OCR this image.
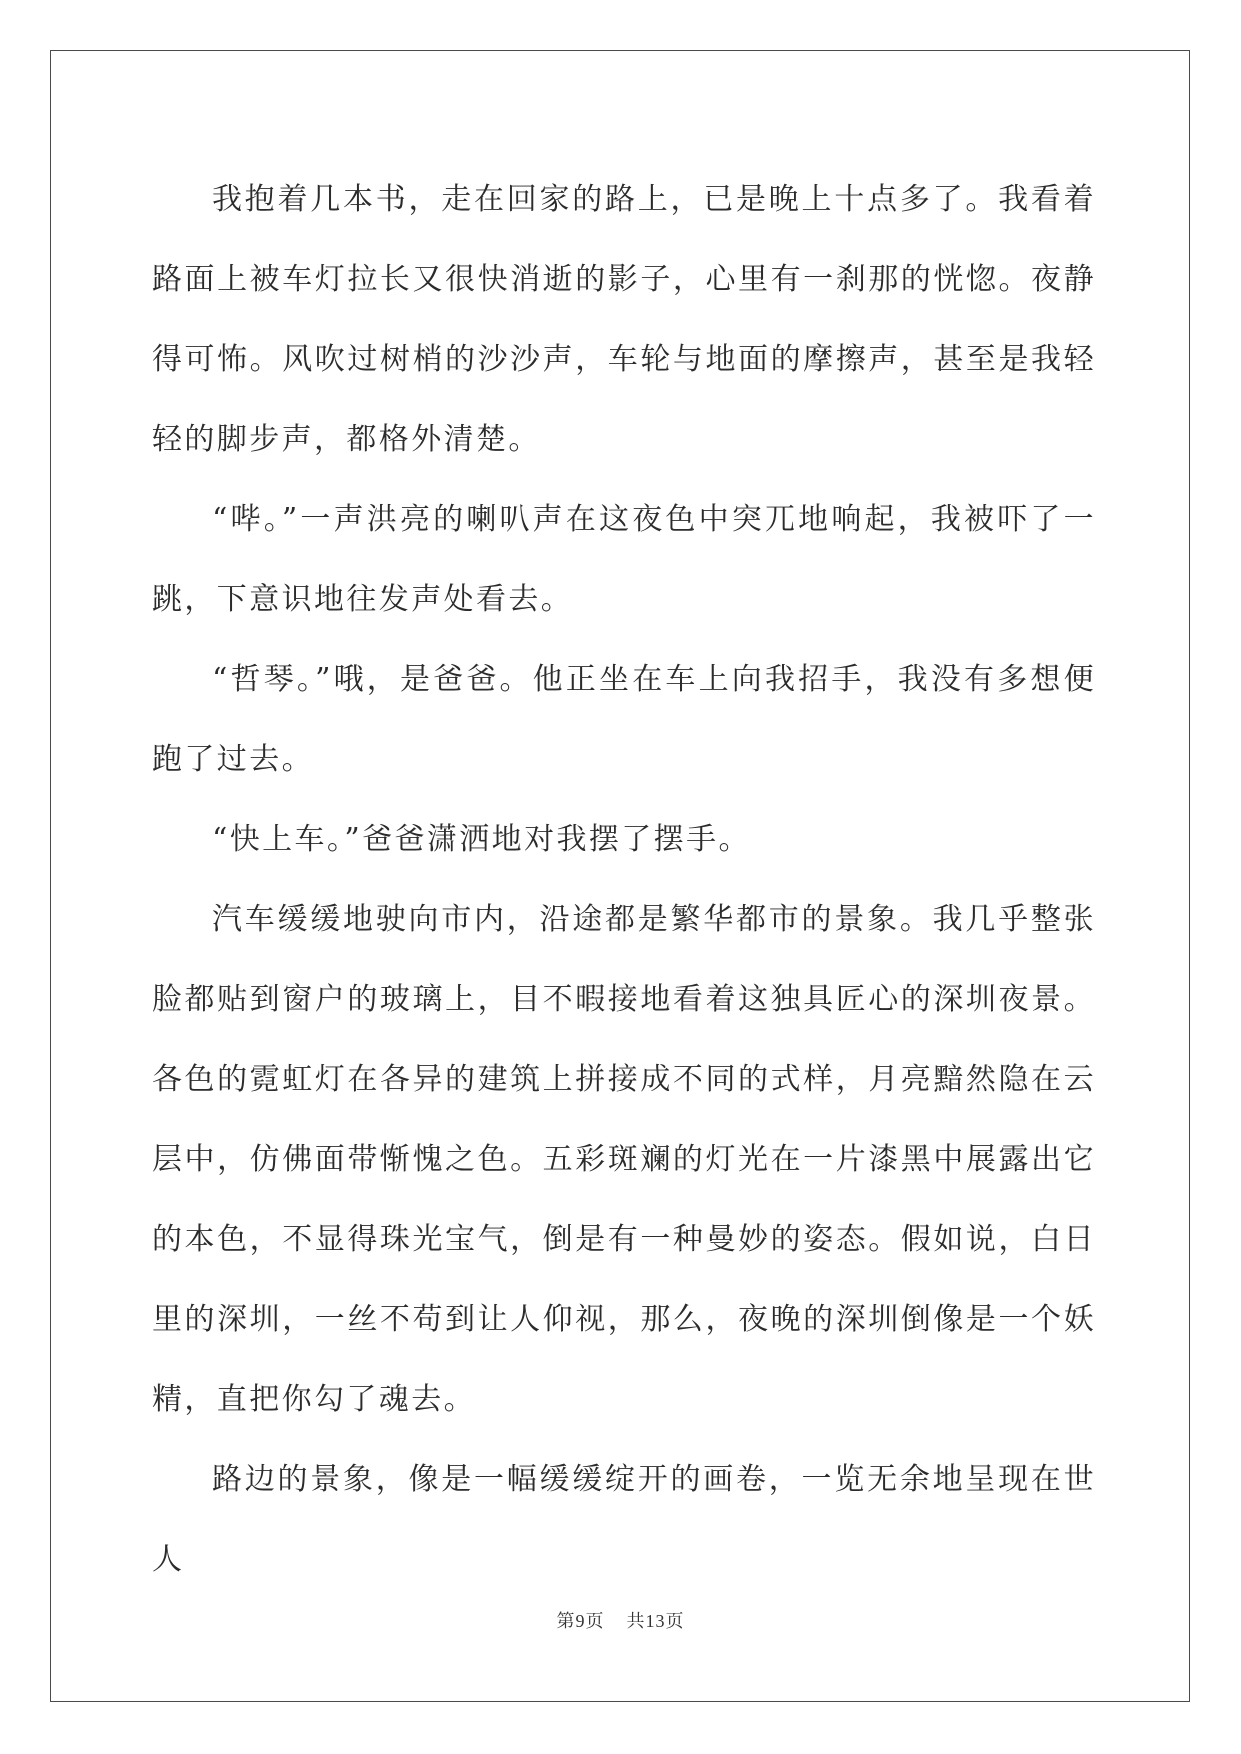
我抱着几本书，走在回家的路上，已是晚上十点多了。我看着路面上被车灯拉长又很快消逝的影子，心里有一刹那的恍惚。夜静得可怖。风吹过树梢的沙沙声，车轮与地面的摩擦声，甚至是我轻轻的脚步声，都格外清楚。

“哔。”一声洪亮的喇叭声在这夜色中突兀地响起，我被吓了一跳，下意识地往发声处看去。

“哲琴。”哦，是爸爸。他正坐在车上向我招手，我没有多想便跑了过去。

“快上车。”爸爸潇洒地对我摆了摆手。

汽车缓缓地驶向市内，沿途都是繁华都市的景象。我几乎整张脸都贴到窗户的玻璃上，目不暇接地看着这独具匠心的深圳夜景。各色的霓虹灯在各异的建筑上拼接成不同的式样，月亮黯然隐在云层中，仿佛面带惭愧之色。五彩斑斓的灯光在一片漆黑中展露出它的本色，不显得珠光宝气，倒是有一种曼妙的姿态。假如说，白日里的深圳，一丝不苟到让人仰视，那么，夜晚的深圳倒像是一个妖精，直把你勾了魂去。

路边的景象，像是一幅缓缓绽开的画卷，一览无余地呈现在世人

第9页 共13页
